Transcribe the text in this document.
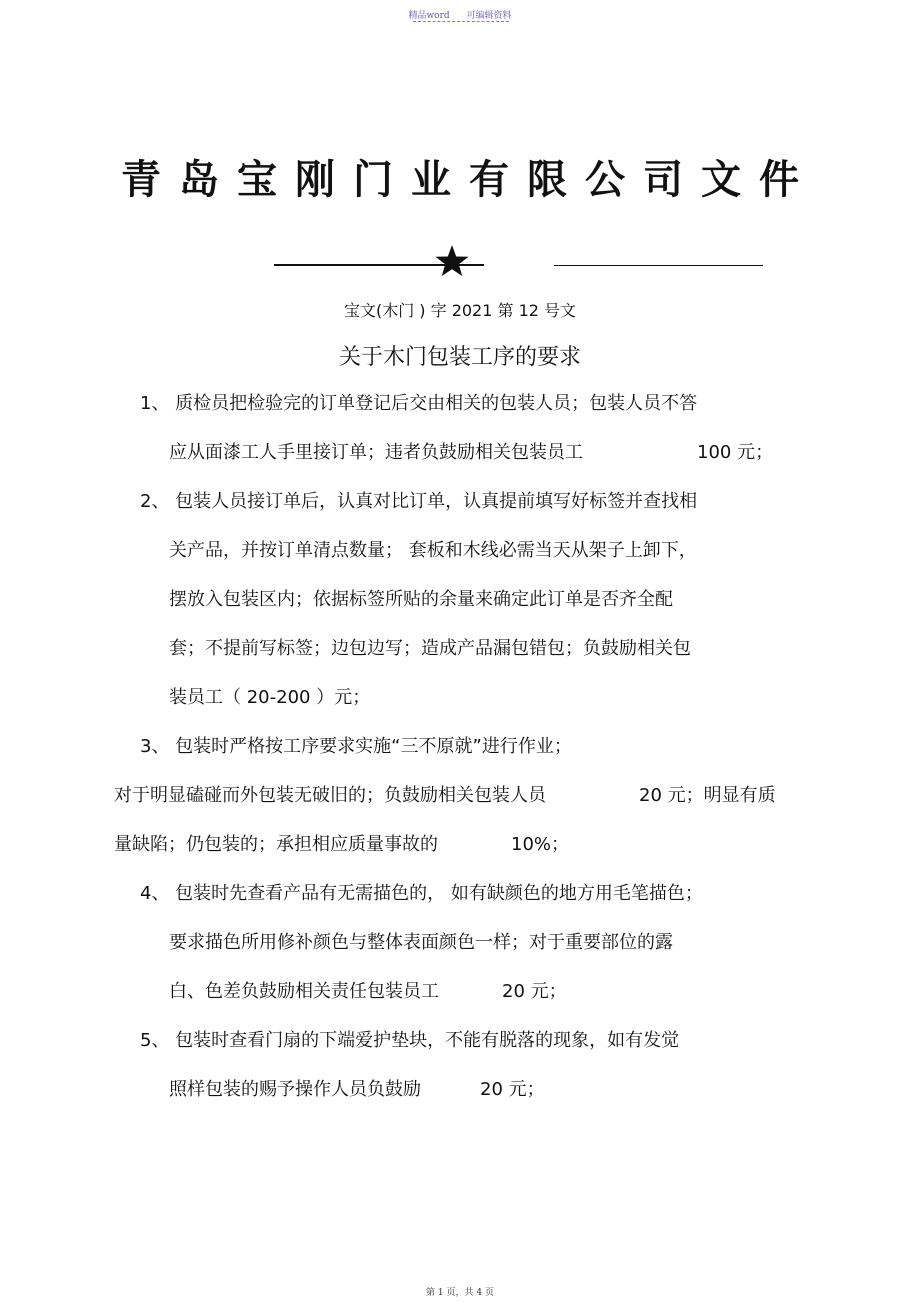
精品word 可编辑资料
青岛宝刚门业有限公司文件
宝文(木门 ) 字 2021 第 12 号文
关于木门包装工序的要求
1、 质检员把检验完的订单登记后交由相关的包装人员；包装人员不答
应从面漆工人手里接订单；违者负鼓励相关包装员工	100 元；
2、 包装人员接订单后，认真对比订单，认真提前填写好标签并查找相
关产品，并按订单清点数量； 套板和木线必需当天从架子上卸下，
摆放入包装区内；依据标签所贴的余量来确定此订单是否齐全配
套；不提前写标签；边包边写；造成产品漏包错包；负鼓励相关包
装员工（ 20-200 ）元；
3、 包装时严格按工序要求实施“三不原就”进行作业；
对于明显磕碰而外包装无破旧的；负鼓励相关包装人员	20 元；明显有质
量缺陷；仍包装的；承担相应质量事故的	10%；
4、 包装时先查看产品有无需描色的， 如有缺颜色的地方用毛笔描色；
要求描色所用修补颜色与整体表面颜色一样；对于重要部位的露
白、色差负鼓励相关责任包装员工	20 元；
5、 包装时查看门扇的下端爱护垫块，不能有脱落的现象，如有发觉
照样包装的赐予操作人员负鼓励	20 元；
第 1 页，共 4 页
